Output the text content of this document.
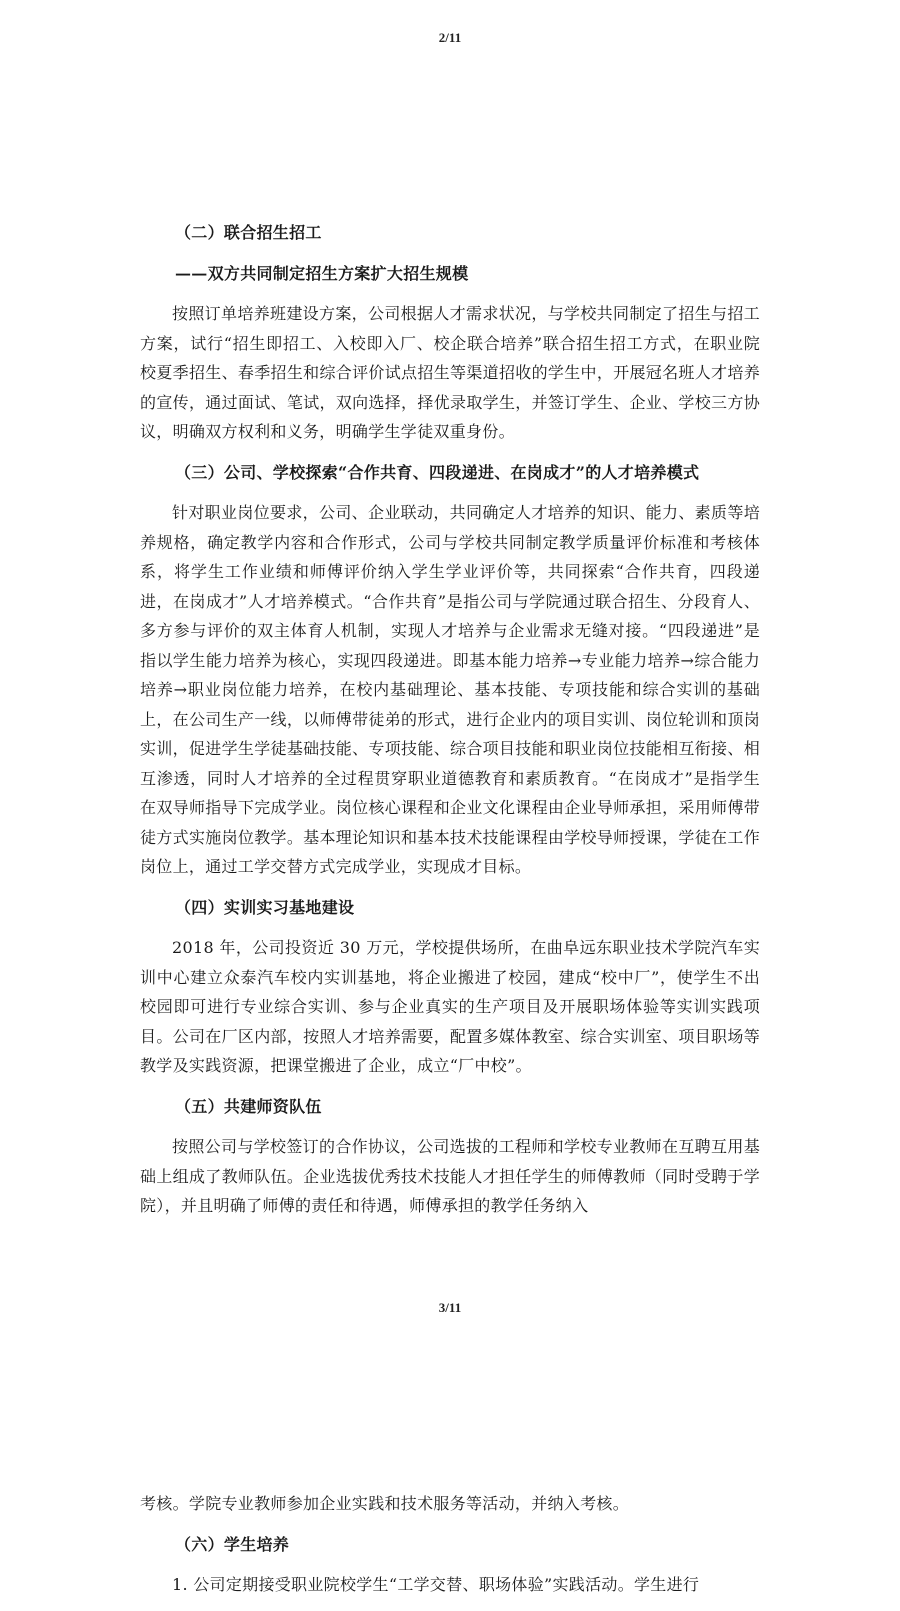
2/11
（二）联合招生招工
——双方共同制定招生方案扩大招生规模
按照订单培养班建设方案，公司根据人才需求状况，与学校共同制定了招生与招工方案，试行“招生即招工、入校即入厂、校企联合培养”联合招生招工方式，在职业院校夏季招生、春季招生和综合评价试点招生等渠道招收的学生中，开展冠名班人才培养的宣传，通过面试、笔试，双向选择，择优录取学生，并签订学生、企业、学校三方协议，明确双方权利和义务，明确学生学徒双重身份。
（三）公司、学校探索“合作共育、四段递进、在岗成才”的人才培养模式
针对职业岗位要求，公司、企业联动，共同确定人才培养的知识、能力、素质等培养规格，确定教学内容和合作形式，公司与学校共同制定教学质量评价标准和考核体系，将学生工作业绩和师傅评价纳入学生学业评价等，共同探索“合作共育，四段递进，在岗成才”人才培养模式。“合作共育”是指公司与学院通过联合招生、分段育人、多方参与评价的双主体育人机制，实现人才培养与企业需求无缝对接。“四段递进”是指以学生能力培养为核心，实现四段递进。即基本能力培养→专业能力培养→综合能力培养→职业岗位能力培养，在校内基础理论、基本技能、专项技能和综合实训的基础上，在公司生产一线，以师傅带徒弟的形式，进行企业内的项目实训、岗位轮训和顶岗实训，促进学生学徒基础技能、专项技能、综合项目技能和职业岗位技能相互衔接、相互渗透，同时人才培养的全过程贯穿职业道德教育和素质教育。“在岗成才”是指学生在双导师指导下完成学业。岗位核心课程和企业文化课程由企业导师承担，采用师傅带徒方式实施岗位教学。基本理论知识和基本技术技能课程由学校导师授课，学徒在工作岗位上，通过工学交替方式完成学业，实现成才目标。
（四）实训实习基地建设
2018 年，公司投资近 30 万元，学校提供场所，在曲阜远东职业技术学院汽车实训中心建立众泰汽车校内实训基地，将企业搬进了校园，建成“校中厂”，使学生不出校园即可进行专业综合实训、参与企业真实的生产项目及开展职场体验等实训实践项目。公司在厂区内部，按照人才培养需要，配置多媒体教室、综合实训室、项目职场等教学及实践资源，把课堂搬进了企业，成立“厂中校”。
（五）共建师资队伍
按照公司与学校签订的合作协议，公司选拔的工程师和学校专业教师在互聘互用基础上组成了教师队伍。企业选拔优秀技术技能人才担任学生的师傅教师（同时受聘于学院），并且明确了师傅的责任和待遇，师傅承担的教学任务纳入
3/11
考核。学院专业教师参加企业实践和技术服务等活动，并纳入考核。
（六）学生培养
1. 公司定期接受职业院校学生“工学交替、职场体验”实践活动。学生进行
